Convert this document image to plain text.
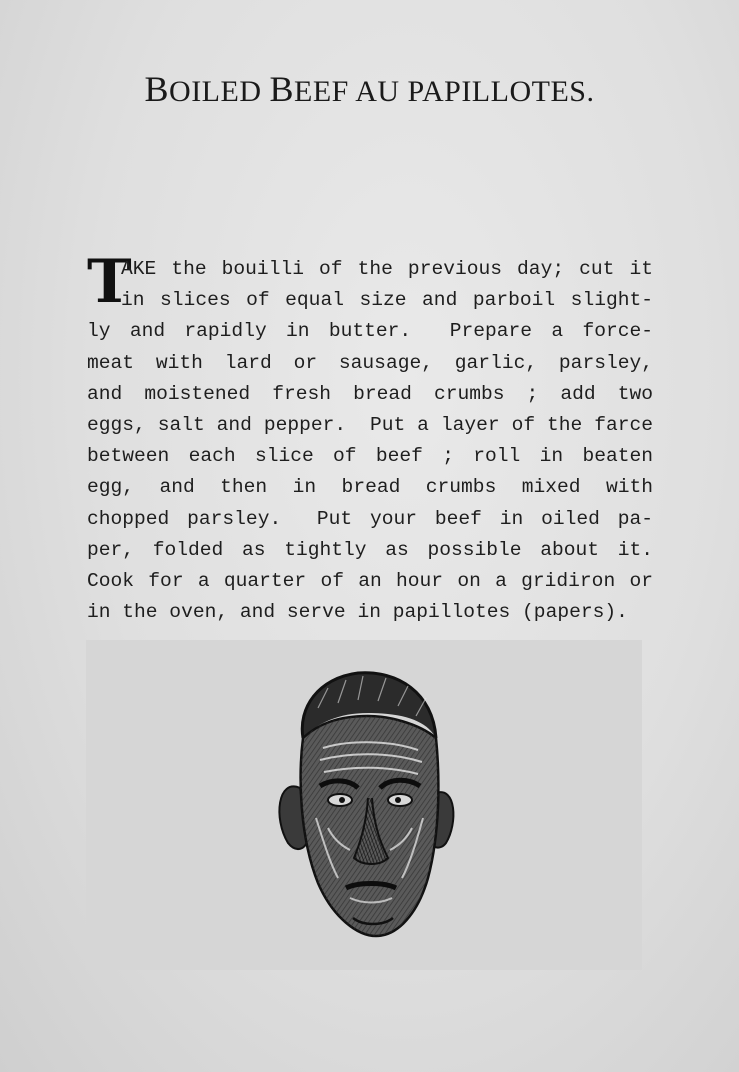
BOILED BEEF AU PAPILLOTES.
T
AKE the bouilli of the previous day; cut it
in slices of equal size and parboil slight-
ly and rapidly in butter.  Prepare a force-
meat with lard or sausage, garlic, parsley,
and moistened fresh bread crumbs ; add two
eggs, salt and pepper.  Put a layer of the farce
between each slice of beef ; roll in beaten
egg, and then in bread crumbs mixed with
chopped parsley.  Put your beef in oiled pa-
per, folded as tightly as possible about it.
Cook for a quarter of an hour on a gridiron or
in the oven, and serve in papillotes (papers).
